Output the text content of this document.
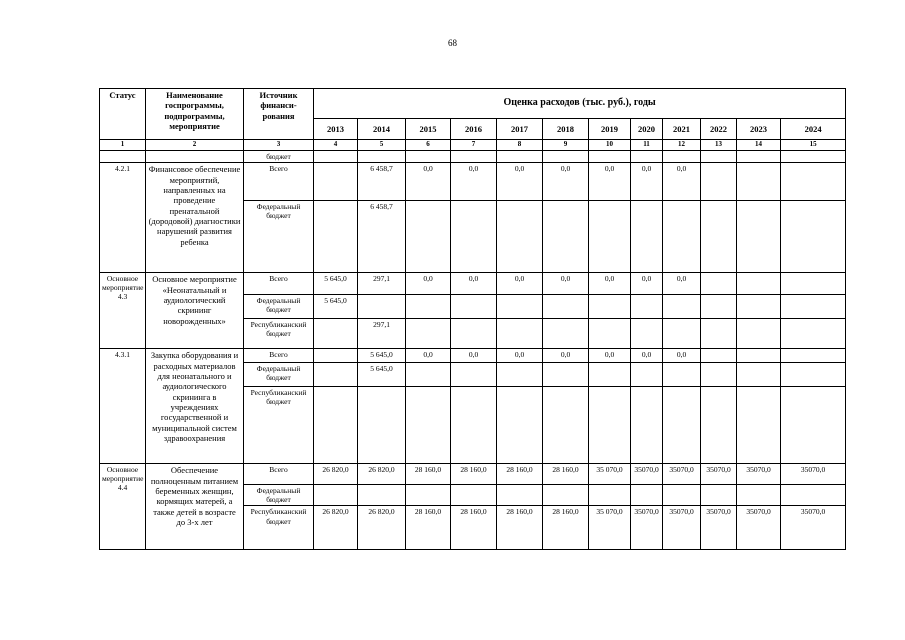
68
Статус	Наименование госпрограммы, подпрограммы, мероприятие	Источник финанси-рования	Оценка расходов (тыс. руб.), годы											
			2013	2014	2015	2016	2017	2018	2019	2020	2021	2022	2023	2024
1	2	3	4	5	6	7	8	9	10	11	12	13	14	15
		бюджет												
4.2.1	Финансовое обеспечение мероприятий, направленных на проведение пренатальной (дородовой) диагностики нарушений развития ребенка	Всего		6 458,7	0,0	0,0	0,0	0,0	0,0	0,0	0,0			
		Федеральный бюджет		6 458,7										
Основное мероприятие 4.3	Основное мероприятие «Неонатальный и аудиологический скрининг новорожденных»	Всего	5 645,0	297,1	0,0	0,0	0,0	0,0	0,0	0,0	0,0			
		Федеральный бюджет	5 645,0											
		Республиканский бюджет		297,1										
4.3.1	Закупка оборудования и расходных материалов для неонатального и аудиологического скрининга в учреждениях государственной и муниципальной систем здравоохранения	Всего		5 645,0	0,0	0,0	0,0	0,0	0,0	0,0	0,0			
		Федеральный бюджет		5 645,0										
		Республиканский бюджет												
Основное мероприятие 4.4	Обеспечение полноценным питанием беременных женщин, кормящих матерей, а также детей в возрасте до 3-х лет	Всего	26 820,0	26 820,0	28 160,0	28 160,0	28 160,0	28 160,0	35 070,0	35070,0	35070,0	35070,0	35070,0	35070,0
		Федеральный бюджет												
		Республиканский бюджет	26 820,0	26 820,0	28 160,0	28 160,0	28 160,0	28 160,0	35 070,0	35070,0	35070,0	35070,0	35070,0	35070,0
